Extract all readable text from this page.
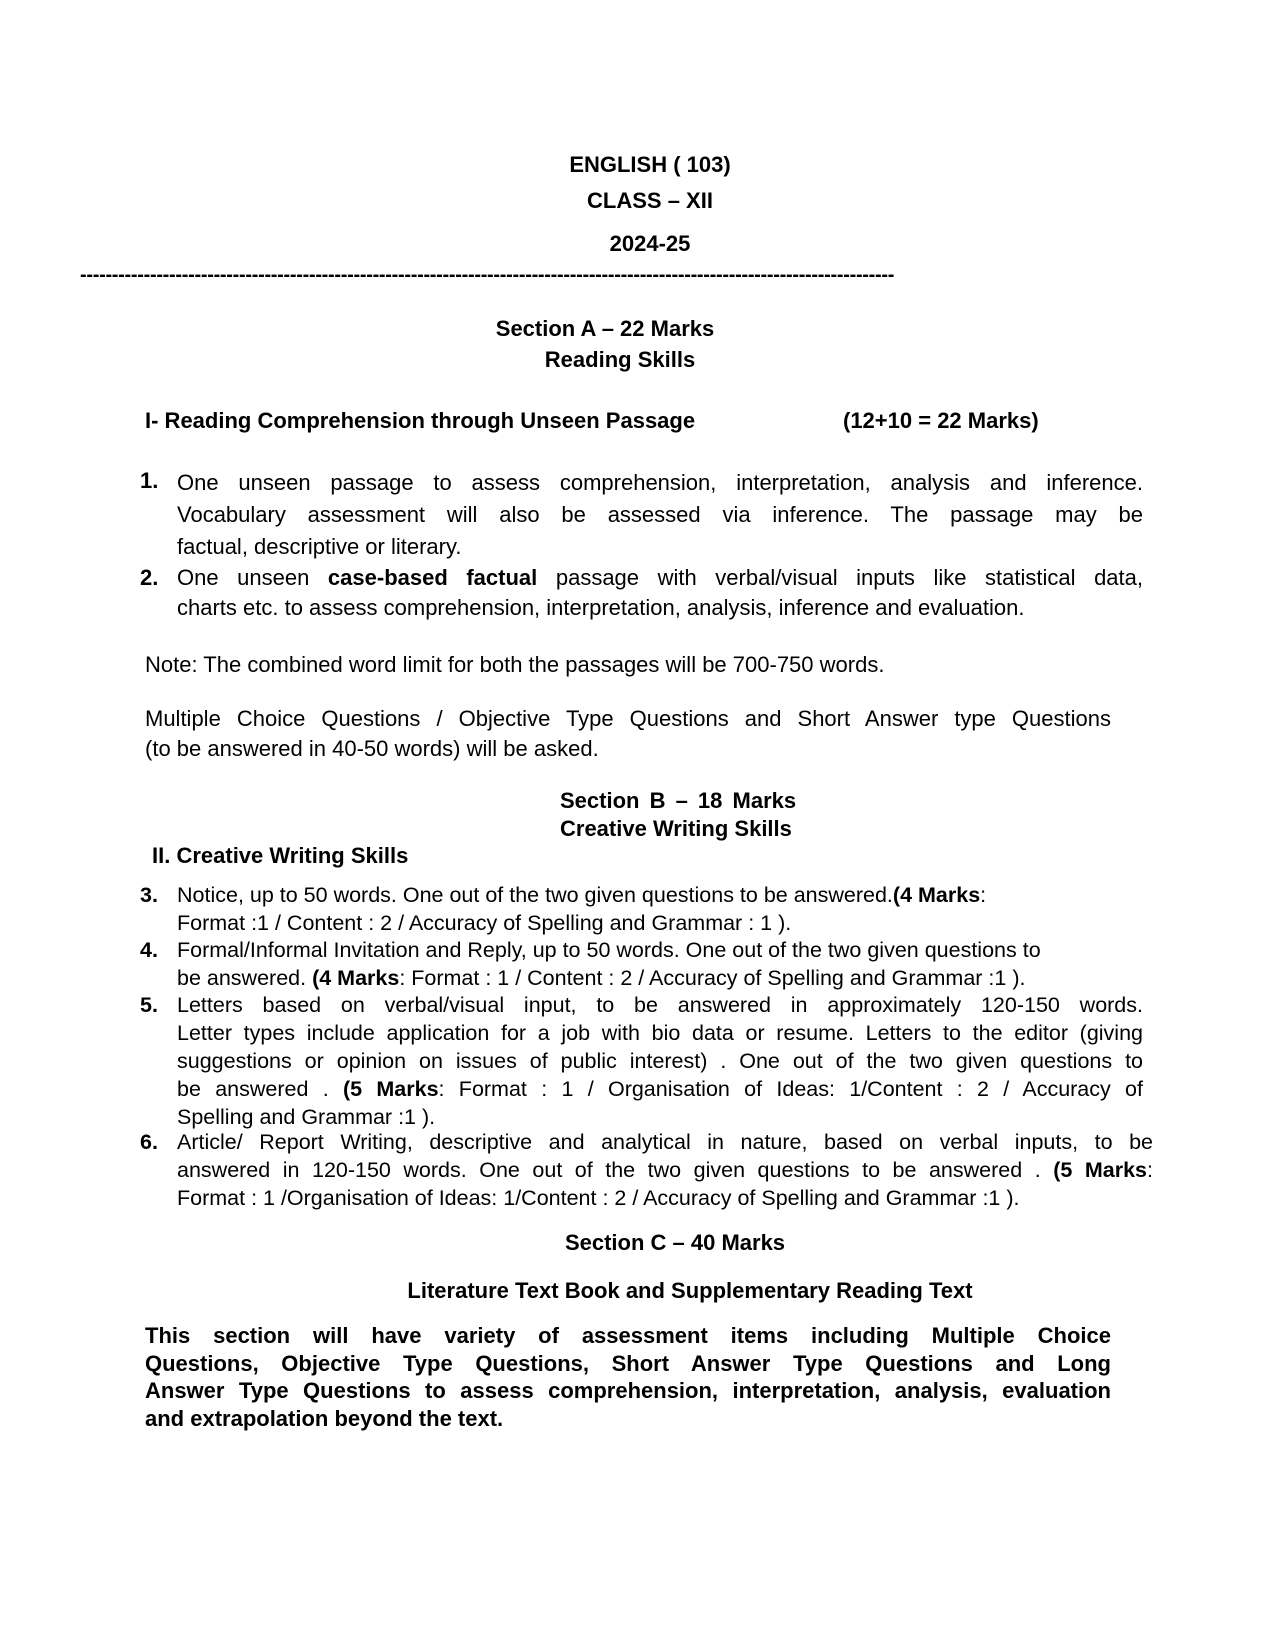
ENGLISH ( 103)
CLASS – XII
2024-25
--------------------------------------------------------------------------------------------------------------------------------
Section A – 22 Marks
Reading Skills
I- Reading Comprehension through Unseen Passage	(12+10 = 22 Marks)
1. One unseen passage to assess comprehension, interpretation, analysis and inference.
Vocabulary assessment will also be assessed via inference. The passage may be
factual, descriptive or literary.
2. One unseen case-based factual passage with verbal/visual inputs like statistical data,
charts etc. to assess comprehension, interpretation, analysis, inference and evaluation.
Note: The combined word limit for both the passages will be 700-750 words.
Multiple Choice Questions / Objective Type Questions and Short Answer type Questions
(to be answered in 40-50 words) will be asked.
Section B – 18 Marks
Creative Writing Skills
II. Creative Writing Skills
3. Notice, up to 50 words. One out of the two given questions to be answered.(4 Marks:
Format :1 / Content : 2 / Accuracy of Spelling and Grammar : 1 ).
4. Formal/Informal Invitation and Reply, up to 50 words. One out of the two given questions to
be answered. (4 Marks: Format : 1 / Content : 2 / Accuracy of Spelling and Grammar :1 ).
5. Letters based on verbal/visual input, to be answered in approximately 120-150 words.
Letter types include application for a job with bio data or resume. Letters to the editor (giving
suggestions or opinion on issues of public interest) . One out of the two given questions to
be answered . (5 Marks: Format : 1 / Organisation of Ideas: 1/Content : 2 / Accuracy of
Spelling and Grammar :1 ).
6. Article/ Report Writing, descriptive and analytical in nature, based on verbal inputs, to be
answered in 120-150 words. One out of the two given questions to be answered . (5 Marks:
Format : 1 /Organisation of Ideas: 1/Content : 2 / Accuracy of Spelling and Grammar :1 ).
Section C – 40 Marks
Literature Text Book and Supplementary Reading Text
This section will have variety of assessment items including Multiple Choice
Questions, Objective Type Questions, Short Answer Type Questions and Long
Answer Type Questions to assess comprehension, interpretation, analysis, evaluation
and extrapolation beyond the text.
